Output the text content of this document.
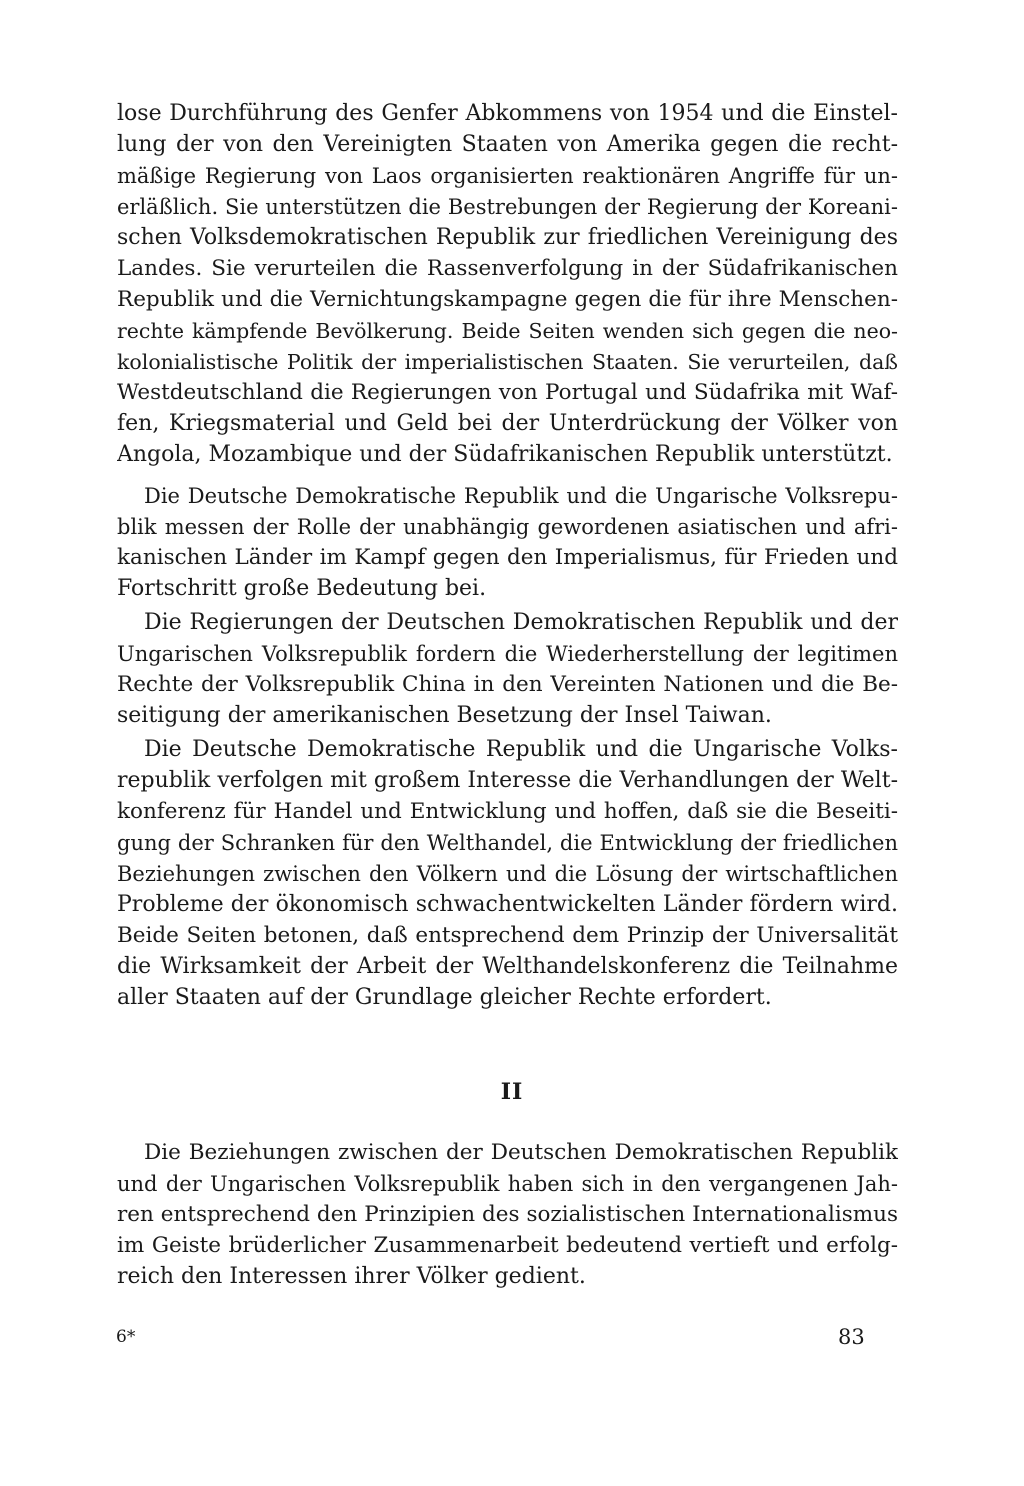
lose Durchführung des Genfer Abkommens von 1954 und die Einstel-
lung der von den Vereinigten Staaten von Amerika gegen die recht-
mäßige Regierung von Laos organisierten reaktionären Angriffe für un-
erläßlich. Sie unterstützen die Bestrebungen der Regierung der Koreani-
schen Volksdemokratischen Republik zur friedlichen Vereinigung des
Landes. Sie verurteilen die Rassenverfolgung in der Südafrikanischen
Republik und die Vernichtungskampagne gegen die für ihre Menschen-
rechte kämpfende Bevölkerung. Beide Seiten wenden sich gegen die neo-
kolonialistische Politik der imperialistischen Staaten. Sie verurteilen, daß
Westdeutschland die Regierungen von Portugal und Südafrika mit Waf-
fen, Kriegsmaterial und Geld bei der Unterdrückung der Völker von
Angola, Mozambique und der Südafrikanischen Republik unterstützt.
Die Deutsche Demokratische Republik und die Ungarische Volksrepu-
blik messen der Rolle der unabhängig gewordenen asiatischen und afri-
kanischen Länder im Kampf gegen den Imperialismus, für Frieden und
Fortschritt große Bedeutung bei.
Die Regierungen der Deutschen Demokratischen Republik und der
Ungarischen Volksrepublik fordern die Wiederherstellung der legitimen
Rechte der Volksrepublik China in den Vereinten Nationen und die Be-
seitigung der amerikanischen Besetzung der Insel Taiwan.
Die Deutsche Demokratische Republik und die Ungarische Volks-
republik verfolgen mit großem Interesse die Verhandlungen der Welt-
konferenz für Handel und Entwicklung und hoffen, daß sie die Beseiti-
gung der Schranken für den Welthandel, die Entwicklung der friedlichen
Beziehungen zwischen den Völkern und die Lösung der wirtschaftlichen
Probleme der ökonomisch schwachentwickelten Länder fördern wird.
Beide Seiten betonen, daß entsprechend dem Prinzip der Universalität
die Wirksamkeit der Arbeit der Welthandelskonferenz die Teilnahme
aller Staaten auf der Grundlage gleicher Rechte erfordert.
II
Die Beziehungen zwischen der Deutschen Demokratischen Republik
und der Ungarischen Volksrepublik haben sich in den vergangenen Jah-
ren entsprechend den Prinzipien des sozialistischen Internationalismus
im Geiste brüderlicher Zusammenarbeit bedeutend vertieft und erfolg-
reich den Interessen ihrer Völker gedient.
6*	83
